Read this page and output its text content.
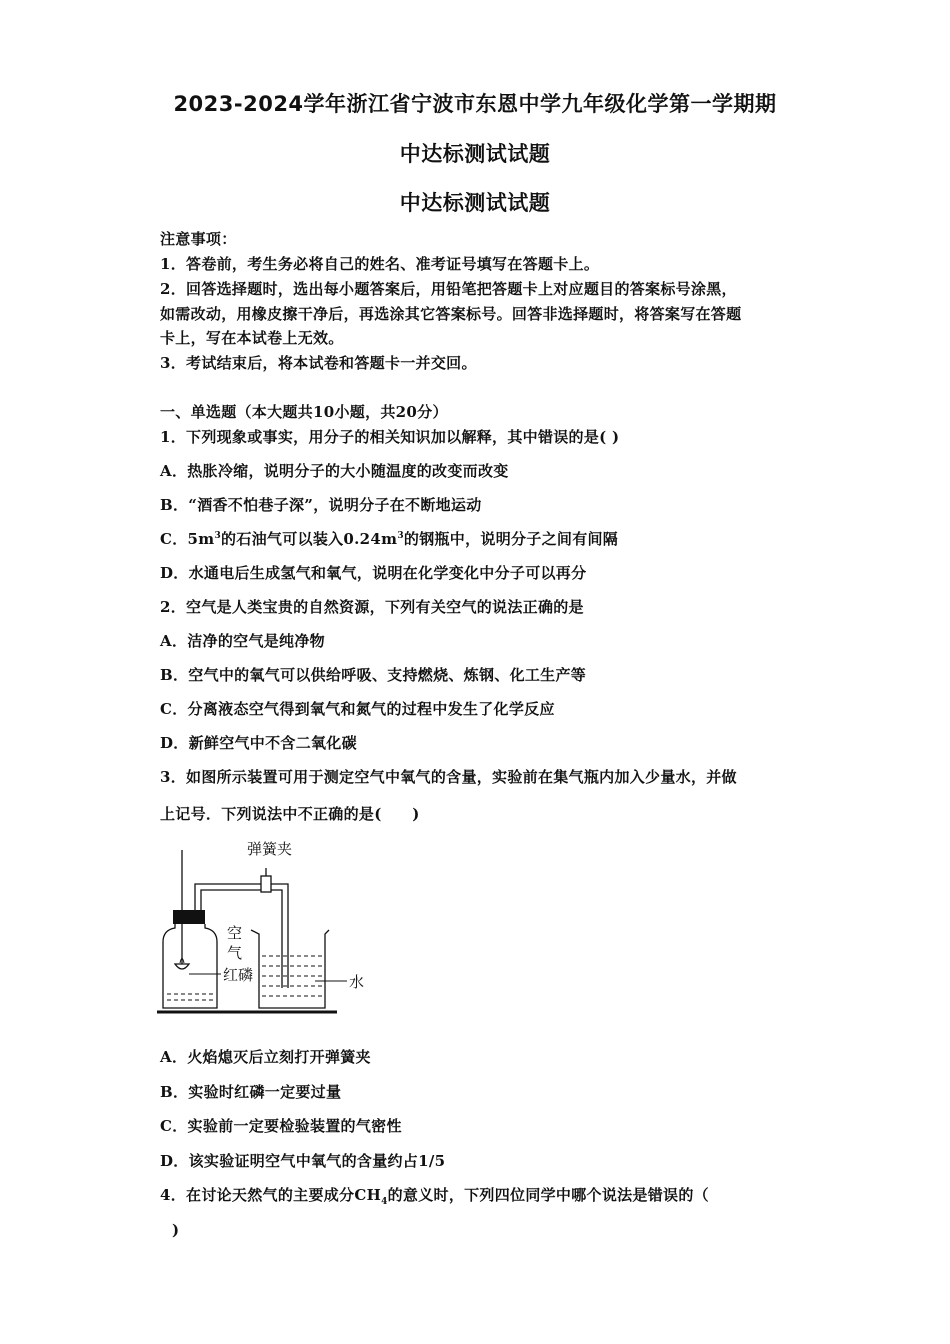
2023-2024学年浙江省宁波市东恩中学九年级化学第一学期期
中达标测试试题
中达标测试试题
注意事项：
1．答卷前，考生务必将自己的姓名、准考证号填写在答题卡上。
2．回答选择题时，选出每小题答案后，用铅笔把答题卡上对应题目的答案标号涂黑，
如需改动，用橡皮擦干净后，再选涂其它答案标号。回答非选择题时，将答案写在答题
卡上，写在本试卷上无效。
3．考试结束后，将本试卷和答题卡一并交回。
一、单选题（本大题共10小题，共20分）
1．下列现象或事实，用分子的相关知识加以解释，其中错误的是( )
A．热胀冷缩，说明分子的大小随温度的改变而改变
B．“酒香不怕巷子深”，说明分子在不断地运动
C．$5m^3$的石油气可以装入$0.24m^3$的钢瓶中，说明分子之间有间隔
D．水通电后生成氢气和氧气，说明在化学变化中分子可以再分
2．空气是人类宝贵的自然资源，下列有关空气的说法正确的是
A．洁净的空气是纯净物
B．空气中的氧气可以供给呼吸、支持燃烧、炼钢、化工生产等
C．分离液态空气得到氧气和氮气的过程中发生了化学反应
D．新鲜空气中不含二氧化碳
3．如图所示装置可用于测定空气中氧气的含量，实验前在集气瓶内加入少量水，并做
上记号．下列说法中不正确的是(　　)
弹簧夹
空
气
红磷	水
A．火焰熄灭后立刻打开弹簧夹
B．实验时红磷一定要过量
C．实验前一定要检验装置的气密性
D．该实验证明空气中氧气的含量约占1/5
4．在讨论天然气的主要成分$CH_4$的意义时，下列四位同学中哪个说法是错误的（
)
